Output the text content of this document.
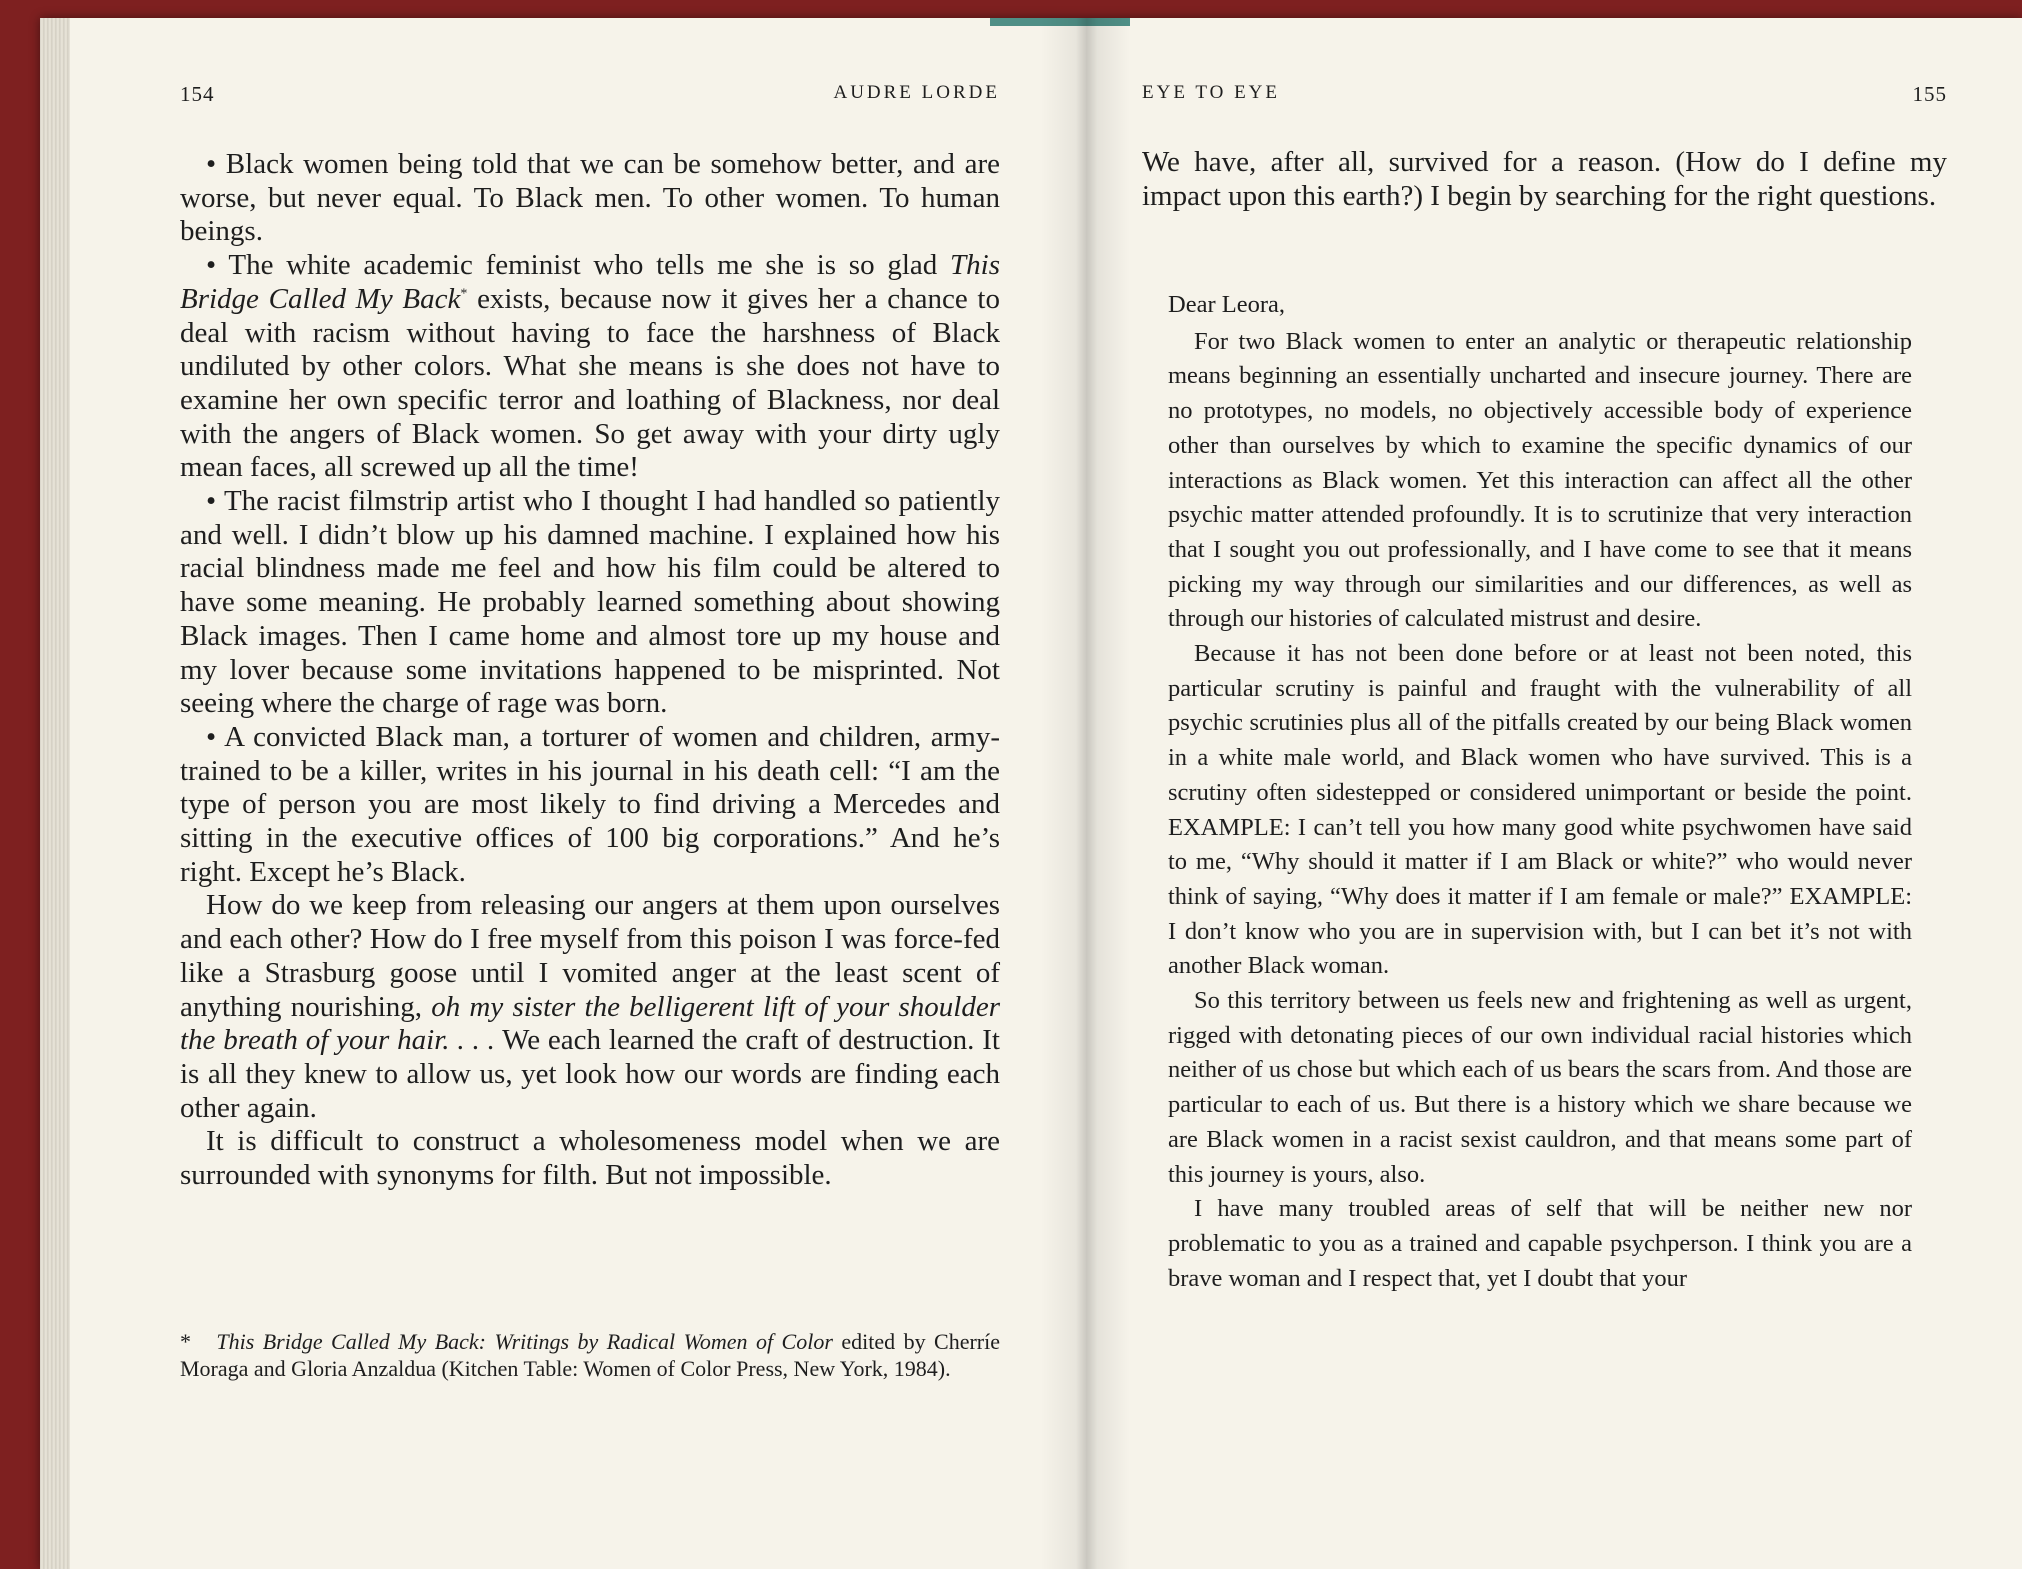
154	AUDRE LORDE

• Black women being told that we can be somehow better, and are worse, but never equal. To Black men. To other women. To human beings.

• The white academic feminist who tells me she is so glad This Bridge Called My Back* exists, because now it gives her a chance to deal with racism without having to face the harshness of Black undiluted by other colors. What she means is she does not have to examine her own specific terror and loathing of Blackness, nor deal with the angers of Black women. So get away with your dirty ugly mean faces, all screwed up all the time!

• The racist filmstrip artist who I thought I had handled so patiently and well. I didn’t blow up his damned machine. I explained how his racial blindness made me feel and how his film could be altered to have some meaning. He probably learned something about showing Black images. Then I came home and almost tore up my house and my lover because some invitations happened to be misprinted. Not seeing where the charge of rage was born.

• A convicted Black man, a torturer of women and children, army-trained to be a killer, writes in his journal in his death cell: “I am the type of person you are most likely to find driving a Mercedes and sitting in the executive offices of 100 big corporations.” And he’s right. Except he’s Black.

How do we keep from releasing our angers at them upon ourselves and each other? How do I free myself from this poison I was force-fed like a Strasburg goose until I vomited anger at the least scent of anything nourishing, oh my sister the belligerent lift of your shoulder the breath of your hair. . . . We each learned the craft of destruction. It is all they knew to allow us, yet look how our words are finding each other again.

It is difficult to construct a wholesomeness model when we are surrounded with synonyms for filth. But not impossible.

* This Bridge Called My Back: Writings by Radical Women of Color edited by Cherríe Moraga and Gloria Anzaldua (Kitchen Table: Women of Color Press, New York, 1984).

EYE TO EYE	155

We have, after all, survived for a reason. (How do I define my impact upon this earth?) I begin by searching for the right questions.

Dear Leora,

For two Black women to enter an analytic or therapeutic relationship means beginning an essentially uncharted and insecure journey. There are no prototypes, no models, no objectively accessible body of experience other than ourselves by which to examine the specific dynamics of our interactions as Black women. Yet this interaction can affect all the other psychic matter attended profoundly. It is to scrutinize that very interaction that I sought you out professionally, and I have come to see that it means picking my way through our similarities and our differences, as well as through our histories of calculated mistrust and desire.

Because it has not been done before or at least not been noted, this particular scrutiny is painful and fraught with the vulnerability of all psychic scrutinies plus all of the pitfalls created by our being Black women in a white male world, and Black women who have survived. This is a scrutiny often sidestepped or considered unimportant or beside the point. EXAMPLE: I can’t tell you how many good white psychwomen have said to me, “Why should it matter if I am Black or white?” who would never think of saying, “Why does it matter if I am female or male?” EXAMPLE: I don’t know who you are in supervision with, but I can bet it’s not with another Black woman.

So this territory between us feels new and frightening as well as urgent, rigged with detonating pieces of our own individual racial histories which neither of us chose but which each of us bears the scars from. And those are particular to each of us. But there is a history which we share because we are Black women in a racist sexist cauldron, and that means some part of this journey is yours, also.

I have many troubled areas of self that will be neither new nor problematic to you as a trained and capable psychperson. I think you are a brave woman and I respect that, yet I doubt that your
